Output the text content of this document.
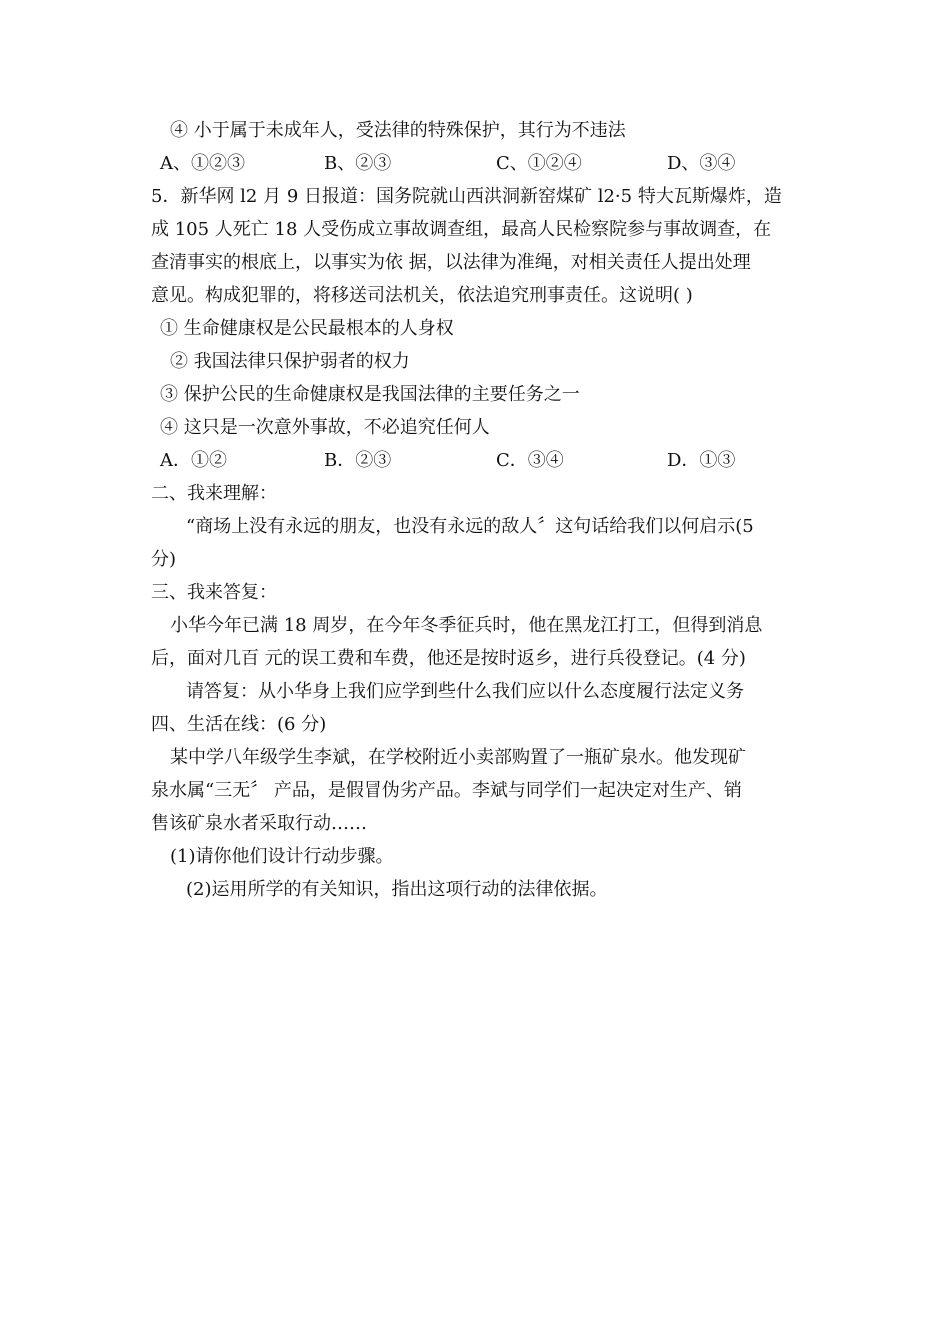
④ 小于属于未成年人，受法律的特殊保护，其行为不违法
A、①②③	B、②③	C、①②④	D、③④
5．新华网 l2 月 9 日报道：国务院就山西洪洞新窑煤矿 l2·5 特大瓦斯爆炸，造
成 105 人死亡 18 人受伤成立事故调查组，最高人民检察院参与事故调查，在
查清事实的根底上，以事实为依 据，以法律为准绳，对相关责任人提出处理
意见。构成犯罪的，将移送司法机关，依法追究刑事责任。这说明( )
① 生命健康权是公民最根本的人身权
② 我国法律只保护弱者的权力
③ 保护公民的生命健康权是我国法律的主要任务之一
④ 这只是一次意外事故，不必追究任何人
A．①②	B．②③	C．③④	D．①③
二、我来理解：
“商场上没有永远的朋友，也没有永远的敌人〞这句话给我们以何启示(5
分)
三、我来答复：
小华今年已满 18 周岁，在今年冬季征兵时，他在黑龙江打工，但得到消息
后，面对几百 元的误工费和车费，他还是按时返乡，进行兵役登记。(4 分)
请答复：从小华身上我们应学到些什么我们应以什么态度履行法定义务
四、生活在线：(6 分)
某中学八年级学生李斌，在学校附近小卖部购置了一瓶矿泉水。他发现矿
泉水属“三无〞 产品，是假冒伪劣产品。李斌与同学们一起决定对生产、销
售该矿泉水者采取行动……
(1)请你他们设计行动步骤。
(2)运用所学的有关知识，指出这项行动的法律依据。
